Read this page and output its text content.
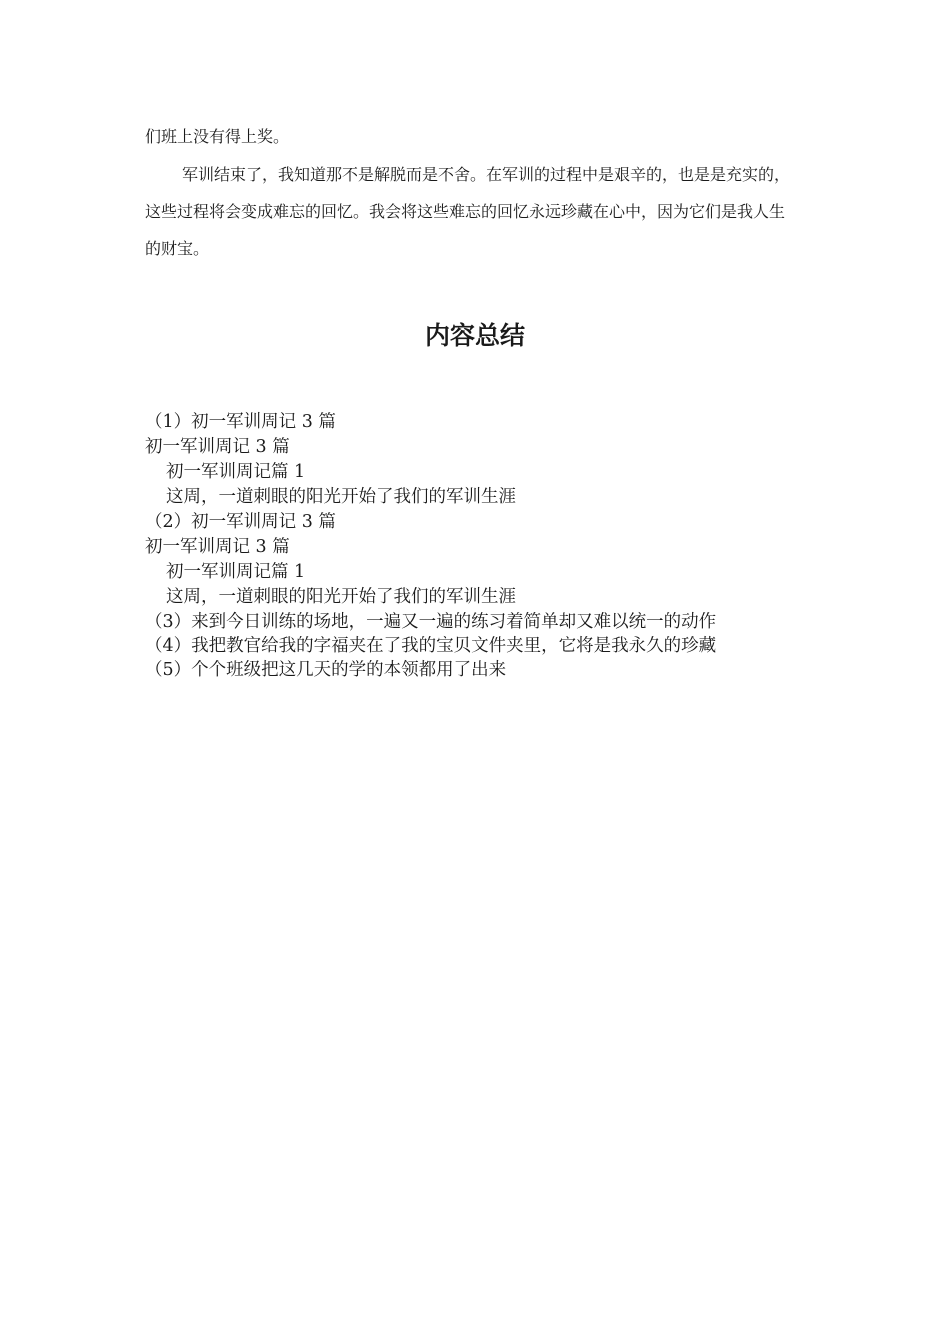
们班上没有得上奖。

军训结束了，我知道那不是解脱而是不舍。在军训的过程中是艰辛的，也是是充实的，这些过程将会变成难忘的回忆。我会将这些难忘的回忆永远珍藏在心中，因为它们是我人生的财宝。

内容总结
（1）初一军训周记 3 篇
初一军训周记 3 篇
初一军训周记篇 1
这周，一道刺眼的阳光开始了我们的军训生涯
（2）初一军训周记 3 篇
初一军训周记 3 篇
初一军训周记篇 1
这周，一道刺眼的阳光开始了我们的军训生涯
（3）来到今日训练的场地，一遍又一遍的练习着简单却又难以统一的动作
（4）我把教官给我的字福夹在了我的宝贝文件夹里，它将是我永久的珍藏
（5）个个班级把这几天的学的本领都用了出来
